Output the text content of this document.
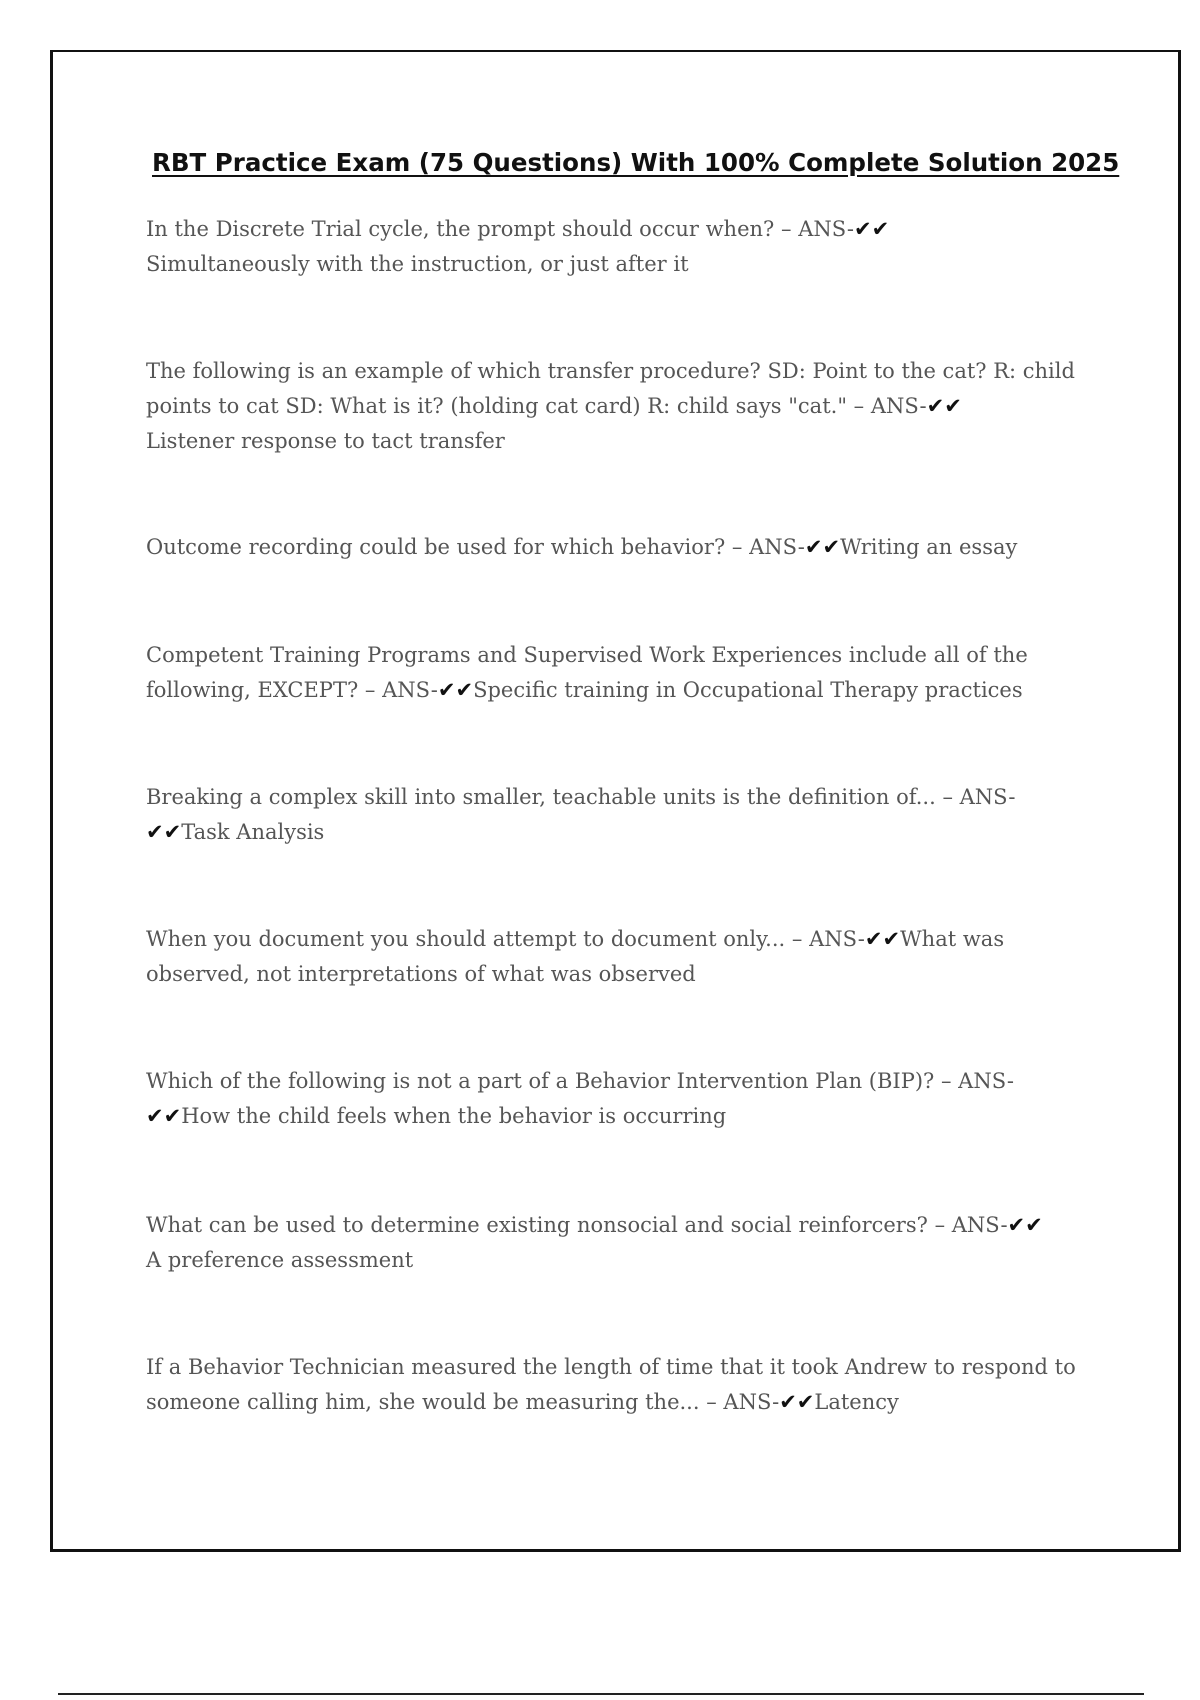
RBT Practice Exam (75 Questions) With 100% Complete Solution 2025
In the Discrete Trial cycle, the prompt should occur when? – ANS-✔✔
Simultaneously with the instruction, or just after it
The following is an example of which transfer procedure? SD: Point to the cat? R: child points to cat SD: What is it? (holding cat card) R: child says "cat." – ANS-✔✔
Listener response to tact transfer
Outcome recording could be used for which behavior? – ANS-✔✔Writing an essay
Competent Training Programs and Supervised Work Experiences include all of the following, EXCEPT? – ANS-✔✔Specific training in Occupational Therapy practices
Breaking a complex skill into smaller, teachable units is the definition of... – ANS-✔✔Task Analysis
When you document you should attempt to document only... – ANS-✔✔What was observed, not interpretations of what was observed
Which of the following is not a part of a Behavior Intervention Plan (BIP)? – ANS-✔✔How the child feels when the behavior is occurring
What can be used to determine existing nonsocial and social reinforcers? – ANS-✔✔
A preference assessment
If a Behavior Technician measured the length of time that it took Andrew to respond to someone calling him, she would be measuring the... – ANS-✔✔Latency
